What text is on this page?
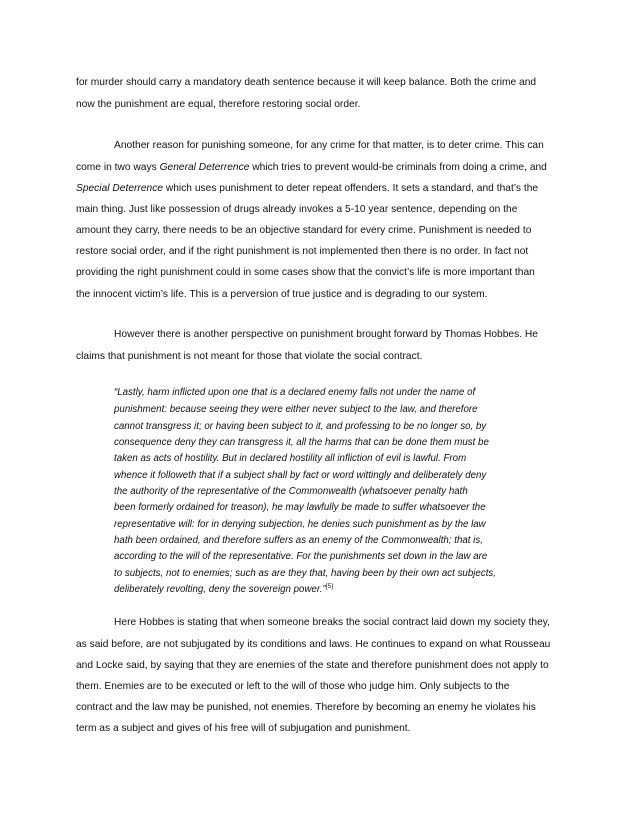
for murder should carry a mandatory death sentence because it will keep balance. Both the crime and
now the punishment are equal, therefore restoring social order.
Another reason for punishing someone, for any crime for that matter, is to deter crime. This can
come in two ways General Deterrence which tries to prevent would-be criminals from doing a crime, and
Special Deterrence which uses punishment to deter repeat offenders. It sets a standard, and that’s the
main thing. Just like possession of drugs already invokes a 5-10 year sentence, depending on the
amount they carry, there needs to be an objective standard for every crime. Punishment is needed to
restore social order, and if the right punishment is not implemented then there is no order. In fact not
providing the right punishment could in some cases show that the convict’s life is more important than
the innocent victim’s life. This is a perversion of true justice and is degrading to our system.
However there is another perspective on punishment brought forward by Thomas Hobbes. He
claims that punishment is not meant for those that violate the social contract.
“Lastly, harm inflicted upon one that is a declared enemy falls not under the name of
punishment: because seeing they were either never subject to the law, and therefore
cannot transgress it; or having been subject to it, and professing to be no longer so, by
consequence deny they can transgress it, all the harms that can be done them must be
taken as acts of hostility. But in declared hostility all infliction of evil is lawful. From
whence it followeth that if a subject shall by fact or word wittingly and deliberately deny
the authority of the representative of the Commonwealth (whatsoever penalty hath
been formerly ordained for treason), he may lawfully be made to suffer whatsoever the
representative will: for in denying subjection, he denies such punishment as by the law
hath been ordained, and therefore suffers as an enemy of the Commonwealth; that is,
according to the will of the representative. For the punishments set down in the law are
to subjects, not to enemies; such as are they that, having been by their own act subjects,
deliberately revolting, deny the sovereign power.”[5]
Here Hobbes is stating that when someone breaks the social contract laid down my society they,
as said before, are not subjugated by its conditions and laws. He continues to expand on what Rousseau
and Locke said, by saying that they are enemies of the state and therefore punishment does not apply to
them. Enemies are to be executed or left to the will of those who judge him. Only subjects to the
contract and the law may be punished, not enemies. Therefore by becoming an enemy he violates his
term as a subject and gives of his free will of subjugation and punishment.
